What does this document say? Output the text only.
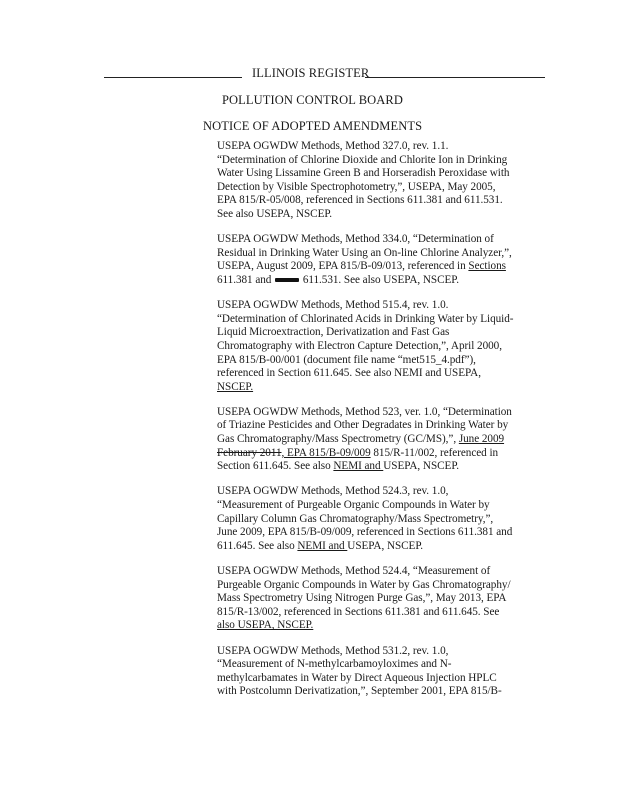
ILLINOIS REGISTER
POLLUTION CONTROL BOARD
NOTICE OF ADOPTED AMENDMENTS
USEPA OGWDW Methods, Method 327.0, rev. 1.1.
“Determination of Chlorine Dioxide and Chlorite Ion in Drinking
Water Using Lissamine Green B and Horseradish Peroxidase with
Detection by Visible Spectrophotometry,”, USEPA, May 2005,
EPA 815/R-05/008, referenced in Sections 611.381 and 611.531.
See also USEPA, NSCEP.
USEPA OGWDW Methods, Method 334.0, “Determination of
Residual in Drinking Water Using an On-line Chlorine Analyzer,”,
USEPA, August 2009, EPA 815/B-09/013, referenced in Sections
611.381 and  611.531. See also USEPA, NSCEP.
USEPA OGWDW Methods, Method 515.4, rev. 1.0.
“Determination of Chlorinated Acids in Drinking Water by Liquid-
Liquid Microextraction, Derivatization and Fast Gas
Chromatography with Electron Capture Detection,”, April 2000,
EPA 815/B-00/001 (document file name “met515_4.pdf”),
referenced in Section 611.645. See also NEMI and USEPA,
NSCEP.
USEPA OGWDW Methods, Method 523, ver. 1.0, “Determination
of Triazine Pesticides and Other Degradates in Drinking Water by
Gas Chromatography/Mass Spectrometry (GC/MS),”, June 2009
February 2011, EPA 815/B-09/009 815/R-11/002, referenced in
Section 611.645. See also NEMI and USEPA, NSCEP.
USEPA OGWDW Methods, Method 524.3, rev. 1.0,
“Measurement of Purgeable Organic Compounds in Water by
Capillary Column Gas Chromatography/Mass Spectrometry,”,
June 2009, EPA 815/B-09/009, referenced in Sections 611.381 and
611.645. See also NEMI and USEPA, NSCEP.
USEPA OGWDW Methods, Method 524.4, “Measurement of
Purgeable Organic Compounds in Water by Gas Chromatography/
Mass Spectrometry Using Nitrogen Purge Gas,”, May 2013, EPA
815/R-13/002, referenced in Sections 611.381 and 611.645. See
also USEPA, NSCEP.
USEPA OGWDW Methods, Method 531.2, rev. 1.0,
“Measurement of N-methylcarbamoyloximes and N-
methylcarbamates in Water by Direct Aqueous Injection HPLC
with Postcolumn Derivatization,”, September 2001, EPA 815/B-
